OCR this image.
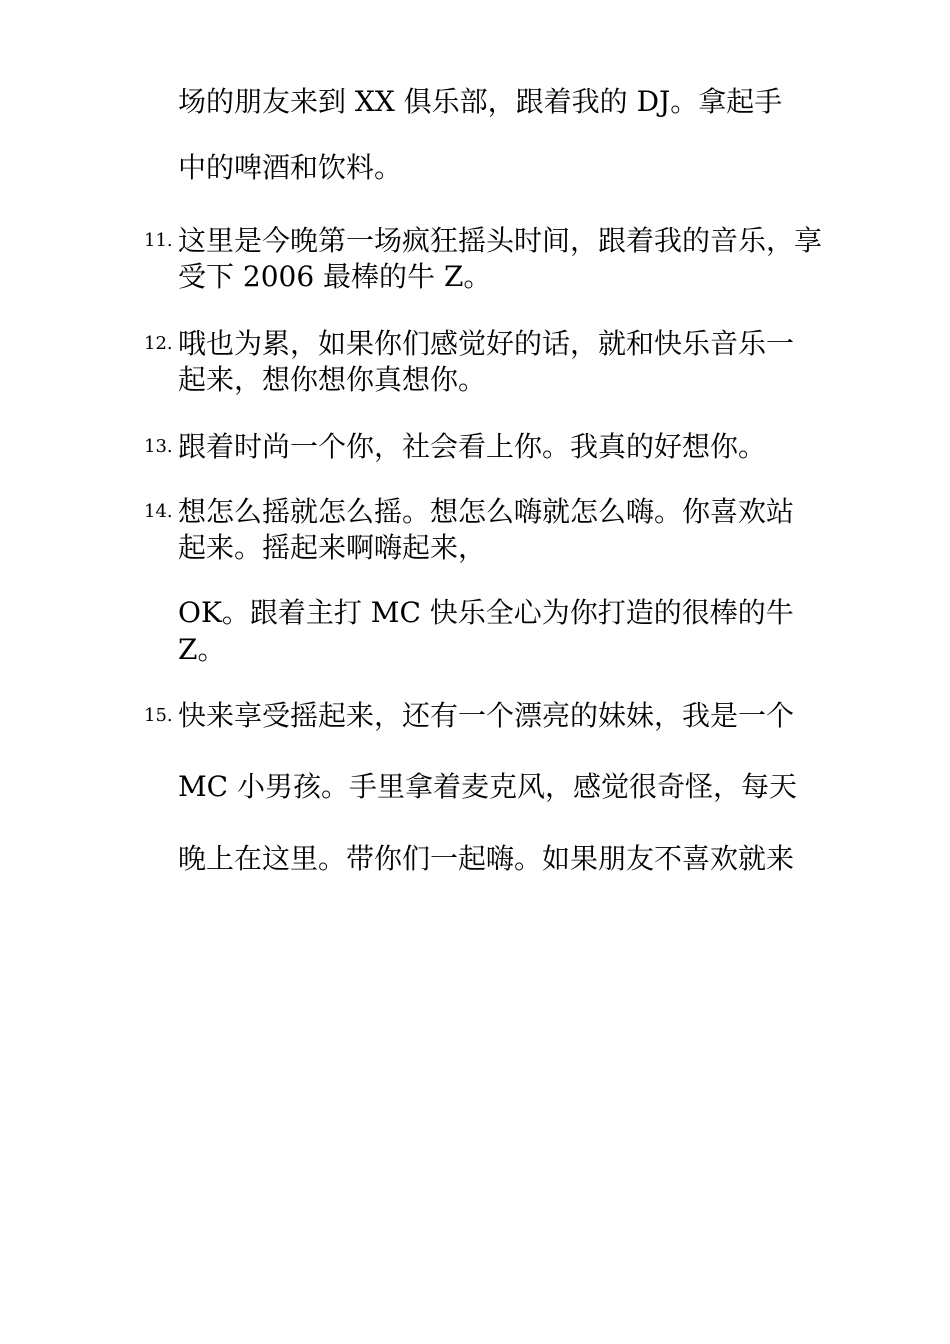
场的朋友来到 XX 俱乐部，跟着我的 DJ。拿起手
中的啤酒和饮料。
11. 这里是今晚第一场疯狂摇头时间，跟着我的音乐，享
受下 2006 最棒的牛 Z。
12. 哦也为累，如果你们感觉好的话，就和快乐音乐一
起来，想你想你真想你。
13. 跟着时尚一个你，社会看上你。我真的好想你。
14. 想怎么摇就怎么摇。想怎么嗨就怎么嗨。你喜欢站
起来。摇起来啊嗨起来，
OK。跟着主打 MC 快乐全心为你打造的很棒的牛
Z。
15. 快来享受摇起来，还有一个漂亮的妹妹，我是一个
MC 小男孩。手里拿着麦克风，感觉很奇怪，每天
晚上在这里。带你们一起嗨。如果朋友不喜欢就来
